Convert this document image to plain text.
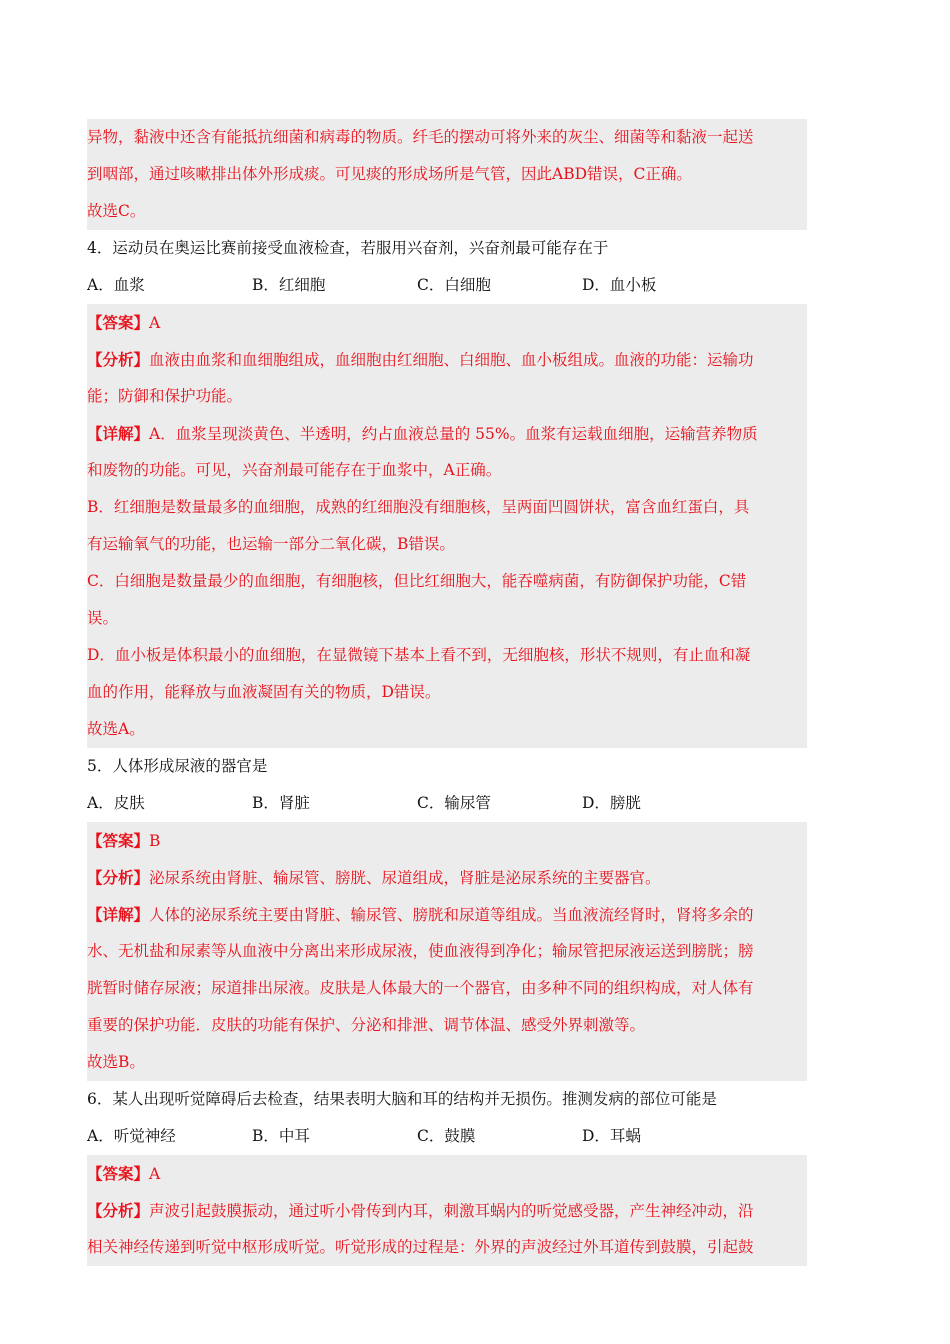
异物，黏液中还含有能抵抗细菌和病毒的物质。纤毛的摆动可将外来的灰尘、细菌等和黏液一起送
到咽部，通过咳嗽排出体外形成痰。可见痰的形成场所是气管，因此ABD错误，C正确。
故选C。
4．运动员在奥运比赛前接受血液检查，若服用兴奋剂，兴奋剂最可能存在于
A．血浆	B．红细胞	C．白细胞	D．血小板
【答案】A
【分析】血液由血浆和血细胞组成，血细胞由红细胞、白细胞、血小板组成。血液的功能：运输功
能；防御和保护功能。
【详解】A．血浆呈现淡黄色、半透明，约占血液总量的 55%。血浆有运载血细胞，运输营养物质
和废物的功能。可见，兴奋剂最可能存在于血浆中，A正确。
B．红细胞是数量最多的血细胞，成熟的红细胞没有细胞核，呈两面凹圆饼状，富含血红蛋白，具
有运输氧气的功能，也运输一部分二氧化碳，B错误。
C．白细胞是数量最少的血细胞，有细胞核，但比红细胞大，能吞噬病菌，有防御保护功能，C错
误。
D．血小板是体积最小的血细胞，在显微镜下基本上看不到，无细胞核，形状不规则，有止血和凝
血的作用，能释放与血液凝固有关的物质，D错误。
故选A。
5．人体形成尿液的器官是
A．皮肤	B．肾脏	C．输尿管	D．膀胱
【答案】B
【分析】泌尿系统由肾脏、输尿管、膀胱、尿道组成，肾脏是泌尿系统的主要器官。
【详解】人体的泌尿系统主要由肾脏、输尿管、膀胱和尿道等组成。当血液流经肾时，肾将多余的
水、无机盐和尿素等从血液中分离出来形成尿液，使血液得到净化；输尿管把尿液运送到膀胱；膀
胱暂时储存尿液；尿道排出尿液。皮肤是人体最大的一个器官，由多种不同的组织构成，对人体有
重要的保护功能．皮肤的功能有保护、分泌和排泄、调节体温、感受外界刺激等。
故选B。
6．某人出现听觉障碍后去检查，结果表明大脑和耳的结构并无损伤。推测发病的部位可能是
A．听觉神经	B．中耳	C．鼓膜	D．耳蜗
【答案】A
【分析】声波引起鼓膜振动，通过听小骨传到内耳，刺激耳蜗内的听觉感受器，产生神经冲动，沿
相关神经传递到听觉中枢形成听觉。听觉形成的过程是：外界的声波经过外耳道传到鼓膜，引起鼓
